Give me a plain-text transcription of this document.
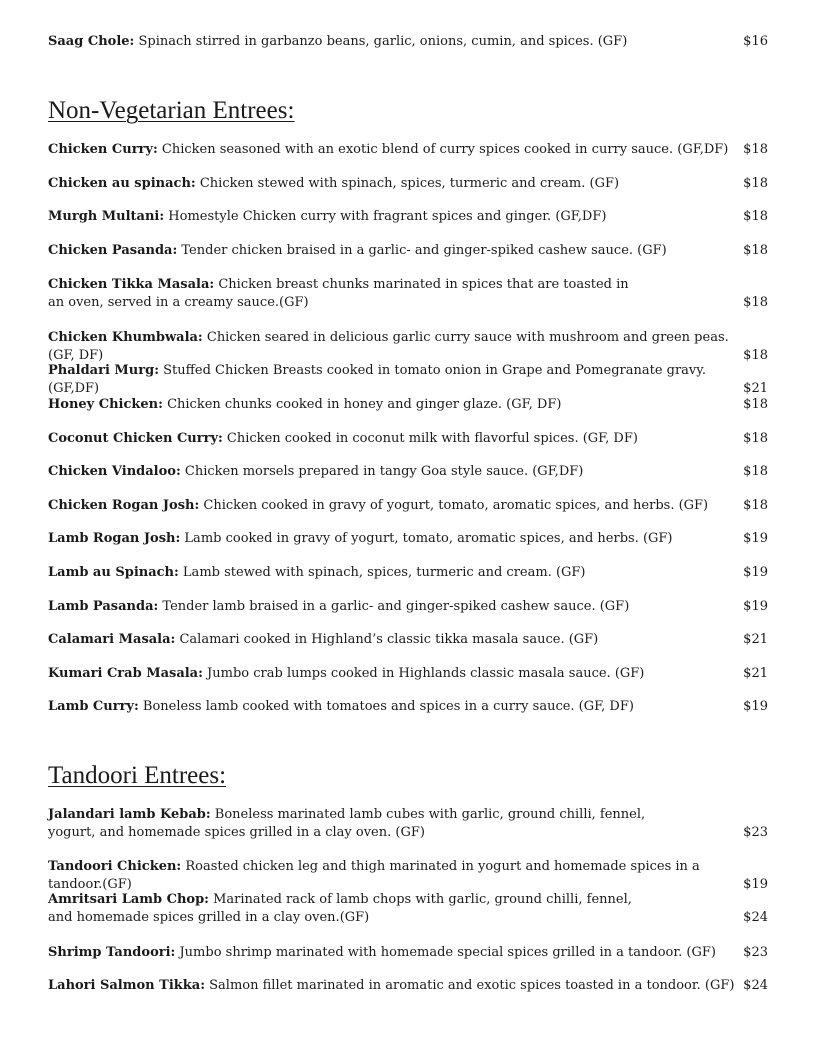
Saag Chole: Spinach stirred in garbanzo beans, garlic, onions, cumin, and spices. (GF)	$16
Non-Vegetarian Entrees:
Chicken Curry: Chicken seasoned with an exotic blend of curry spices cooked in curry sauce. (GF,DF)	$18
Chicken au spinach: Chicken stewed with spinach, spices, turmeric and cream. (GF)	$18
Murgh Multani: Homestyle Chicken curry with fragrant spices and ginger. (GF,DF)	$18
Chicken Pasanda: Tender chicken braised in a garlic- and ginger-spiked cashew sauce. (GF)	$18
Chicken Tikka Masala: Chicken breast chunks marinated in spices that are toasted in an oven, served in a creamy sauce.(GF)	$18
Chicken Khumbwala: Chicken seared in delicious garlic curry sauce with mushroom and green peas. (GF, DF)	$18
Phaldari Murg: Stuffed Chicken Breasts cooked in tomato onion in Grape and Pomegranate gravy. (GF,DF)	$21
Honey Chicken: Chicken chunks cooked in honey and ginger glaze. (GF, DF)	$18
Coconut Chicken Curry: Chicken cooked in coconut milk with flavorful spices. (GF, DF)	$18
Chicken Vindaloo: Chicken morsels prepared in tangy Goa style sauce. (GF,DF)	$18
Chicken Rogan Josh: Chicken cooked in gravy of yogurt, tomato, aromatic spices, and herbs. (GF)	$18
Lamb Rogan Josh: Lamb cooked in gravy of yogurt, tomato, aromatic spices, and herbs. (GF)	$19
Lamb au Spinach: Lamb stewed with spinach, spices, turmeric and cream. (GF)	$19
Lamb Pasanda: Tender lamb braised in a garlic- and ginger-spiked cashew sauce. (GF)	$19
Calamari Masala: Calamari cooked in Highland’s classic tikka masala sauce. (GF)	$21
Kumari Crab Masala: Jumbo crab lumps cooked in Highlands classic masala sauce. (GF)	$21
Lamb Curry: Boneless lamb cooked with tomatoes and spices in a curry sauce. (GF, DF)	$19
Tandoori Entrees:
Jalandari lamb Kebab: Boneless marinated lamb cubes with garlic, ground chilli, fennel, yogurt, and homemade spices grilled in a clay oven. (GF)	$23
Tandoori Chicken: Roasted chicken leg and thigh marinated in yogurt and homemade spices in a tandoor.(GF)	$19
Amritsari Lamb Chop: Marinated rack of lamb chops with garlic, ground chilli, fennel, and homemade spices grilled in a clay oven.(GF)	$24
Shrimp Tandoori: Jumbo shrimp marinated with homemade special spices grilled in a tandoor. (GF)	$23
Lahori Salmon Tikka: Salmon fillet marinated in aromatic and exotic spices toasted in a tondoor. (GF) $24
